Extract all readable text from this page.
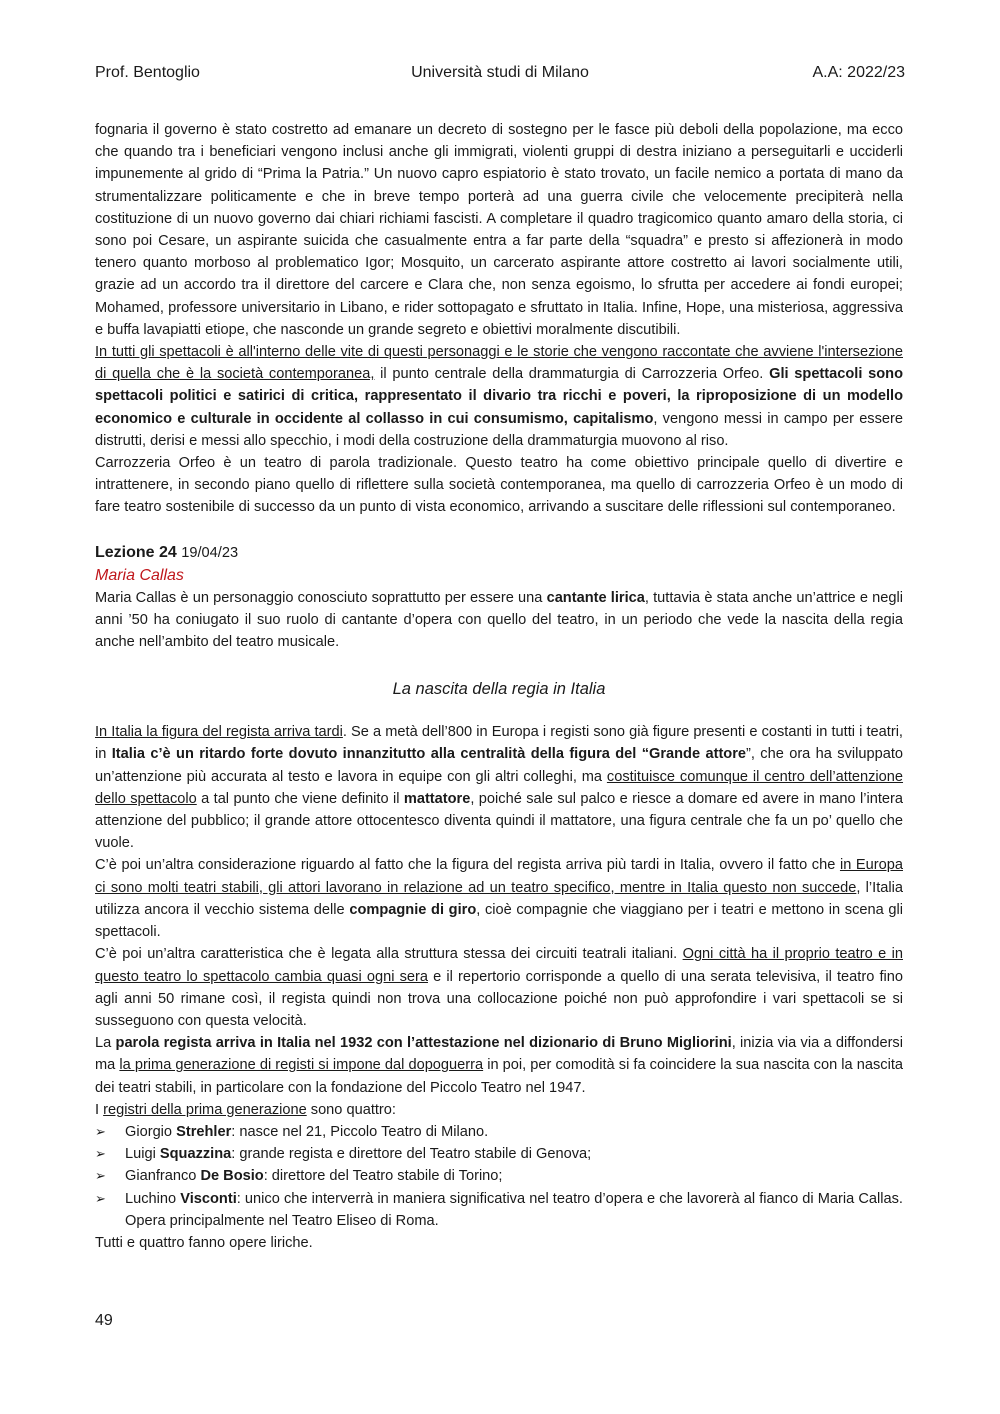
Prof. Bentoglio	Università studi di Milano	A.A: 2022/23

fognaria il governo è stato costretto ad emanare un decreto di sostegno per le fasce più deboli della popolazione, ma ecco che quando tra i beneficiari vengono inclusi anche gli immigrati, violenti gruppi di destra iniziano a perseguitarli e ucciderli impunemente al grido di “Prima la Patria.” Un nuovo capro espiatorio è stato trovato, un facile nemico a portata di mano da strumentalizzare politicamente e che in breve tempo porterà ad una guerra civile che velocemente precipiterà nella costituzione di un nuovo governo dai chiari richiami fascisti. A completare il quadro tragicomico quanto amaro della storia, ci sono poi Cesare, un aspirante suicida che casualmente entra a far parte della “squadra” e presto si affezionerà in modo tenero quanto morboso al problematico Igor; Mosquito, un carcerato aspirante attore costretto ai lavori socialmente utili, grazie ad un accordo tra il direttore del carcere e Clara che, non senza egoismo, lo sfrutta per accedere ai fondi europei; Mohamed, professore universitario in Libano, e rider sottopagato e sfruttato in Italia. Infine, Hope, una misteriosa, aggressiva e buffa lavapiatti etiope, che nasconde un grande segreto e obiettivi moralmente discutibili.

In tutti gli spettacoli è all'interno delle vite di questi personaggi e le storie che vengono raccontate che avviene l'intersezione di quella che è la società contemporanea, il punto centrale della drammaturgia di Carrozzeria Orfeo. Gli spettacoli sono spettacoli politici e satirici di critica, rappresentato il divario tra ricchi e poveri, la riproposizione di un modello economico e culturale in occidente al collasso in cui consumismo, capitalismo, vengono messi in campo per essere distrutti, derisi e messi allo specchio, i modi della costruzione della drammaturgia muovono al riso.

Carrozzeria Orfeo è un teatro di parola tradizionale. Questo teatro ha come obiettivo principale quello di divertire e intrattenere, in secondo piano quello di riflettere sulla società contemporanea, ma quello di carrozzeria Orfeo è un modo di fare teatro sostenibile di successo da un punto di vista economico, arrivando a suscitare delle riflessioni sul contemporaneo.

Lezione 24 19/04/23
Maria Callas

Maria Callas è un personaggio conosciuto soprattutto per essere una cantante lirica, tuttavia è stata anche un’attrice e negli anni ’50 ha coniugato il suo ruolo di cantante d’opera con quello del teatro, in un periodo che vede la nascita della regia anche nell’ambito del teatro musicale.

La nascita della regia in Italia

In Italia la figura del regista arriva tardi. Se a metà dell’800 in Europa i registi sono già figure presenti e costanti in tutti i teatri, in Italia c’è un ritardo forte dovuto innanzitutto alla centralità della figura del “Grande attore”, che ora ha sviluppato un’attenzione più accurata al testo e lavora in equipe con gli altri colleghi, ma costituisce comunque il centro dell’attenzione dello spettacolo a tal punto che viene definito il mattatore, poiché sale sul palco e riesce a domare ed avere in mano l’intera attenzione del pubblico; il grande attore ottocentesco diventa quindi il mattatore, una figura centrale che fa un po’ quello che vuole.

C’è poi un’altra considerazione riguardo al fatto che la figura del regista arriva più tardi in Italia, ovvero il fatto che in Europa ci sono molti teatri stabili, gli attori lavorano in relazione ad un teatro specifico, mentre in Italia questo non succede, l’Italia utilizza ancora il vecchio sistema delle compagnie di giro, cioè compagnie che viaggiano per i teatri e mettono in scena gli spettacoli.

C’è poi un’altra caratteristica che è legata alla struttura stessa dei circuiti teatrali italiani. Ogni città ha il proprio teatro e in questo teatro lo spettacolo cambia quasi ogni sera e il repertorio corrisponde a quello di una serata televisiva, il teatro fino agli anni 50 rimane così, il regista quindi non trova una collocazione poiché non può approfondire i vari spettacoli se si susseguono con questa velocità.

La parola regista arriva in Italia nel 1932 con l’attestazione nel dizionario di Bruno Migliorini, inizia via via a diffondersi ma la prima generazione di registi si impone dal dopoguerra in poi, per comodità si fa coincidere la sua nascita con la nascita dei teatri stabili, in particolare con la fondazione del Piccolo Teatro nel 1947.

I registri della prima generazione sono quattro:

➢ Giorgio Strehler: nasce nel 21, Piccolo Teatro di Milano.
➢ Luigi Squazzina: grande regista e direttore del Teatro stabile di Genova;
➢ Gianfranco De Bosio: direttore del Teatro stabile di Torino;
➢ Luchino Visconti: unico che interverrà in maniera significativa nel teatro d’opera e che lavorerà al fianco di Maria Callas. Opera principalmente nel Teatro Eliseo di Roma.

Tutti e quattro fanno opere liriche.

49
